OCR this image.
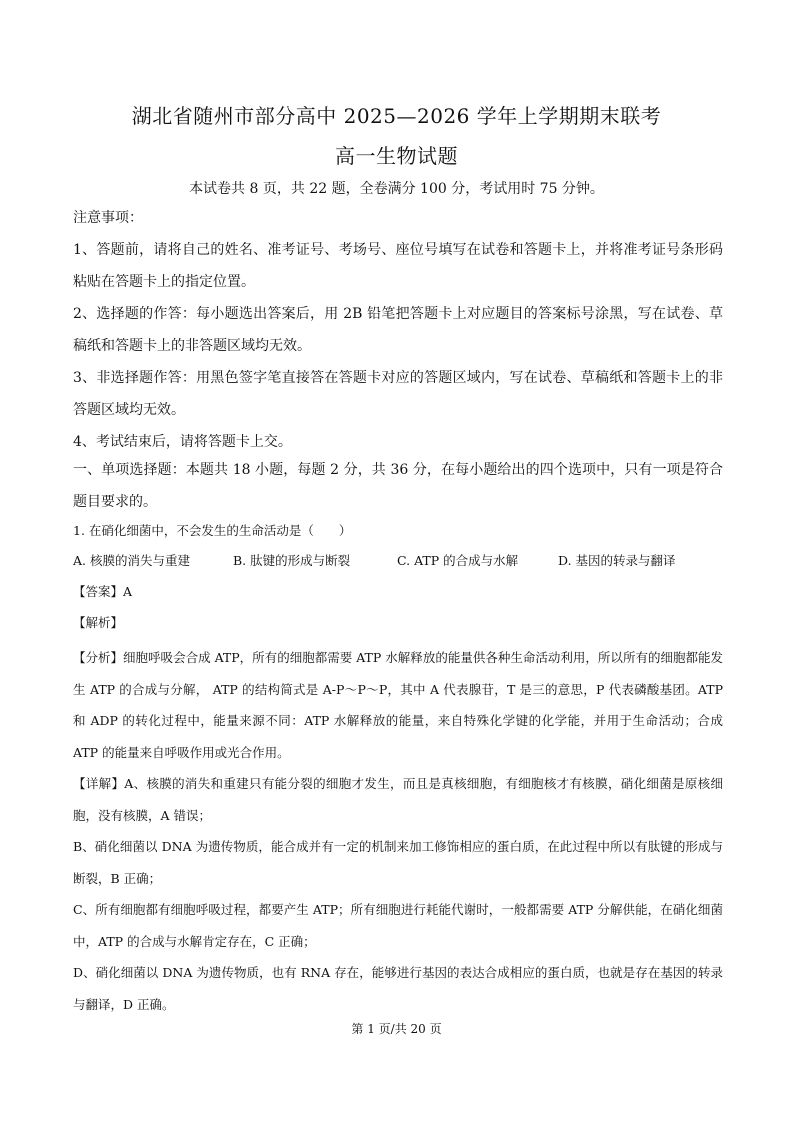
湖北省随州市部分高中 2025—2026 学年上学期期末联考
高一生物试题
本试卷共 8 页，共 22 题，全卷满分 100 分，考试用时 75 分钟。
注意事项：
1、答题前，请将自己的姓名、准考证号、考场号、座位号填写在试卷和答题卡上，并将准考证号条形码粘贴在答题卡上的指定位置。
2、选择题的作答：每小题选出答案后，用 2B 铅笔把答题卡上对应题目的答案标号涂黑，写在试卷、草稿纸和答题卡上的非答题区域均无效。
3、非选择题作答：用黑色签字笔直接答在答题卡对应的答题区域内，写在试卷、草稿纸和答题卡上的非答题区域均无效。
4、考试结束后，请将答题卡上交。
一、单项选择题：本题共 18 小题，每题 2 分，共 36 分，在每小题给出的四个选项中，只有一项是符合题目要求的。
1. 在硝化细菌中，不会发生的生命活动是（　　）
A. 核膜的消失与重建	B. 肽键的形成与断裂	C. ATP 的合成与水解	D. 基因的转录与翻译
【答案】A
【解析】
【分析】细胞呼吸会合成 ATP，所有的细胞都需要 ATP 水解释放的能量供各种生命活动利用，所以所有的细胞都能发生 ATP 的合成与分解， ATP 的结构简式是 A-P～P～P，其中 A 代表腺苷，T 是三的意思，P 代表磷酸基团。ATP 和 ADP 的转化过程中，能量来源不同：ATP 水解释放的能量，来自特殊化学键的化学能，并用于生命活动；合成 ATP 的能量来自呼吸作用或光合作用。
【详解】A、核膜的消失和重建只有能分裂的细胞才发生，而且是真核细胞，有细胞核才有核膜，硝化细菌是原核细胞，没有核膜，A 错误；
B、硝化细菌以 DNA 为遗传物质，能合成并有一定的机制来加工修饰相应的蛋白质，在此过程中所以有肽键的形成与断裂，B 正确；
C、所有细胞都有细胞呼吸过程，都要产生 ATP；所有细胞进行耗能代谢时，一般都需要 ATP 分解供能，在硝化细菌中，ATP 的合成与水解肯定存在，C 正确；
D、硝化细菌以 DNA 为遗传物质，也有 RNA 存在，能够进行基因的表达合成相应的蛋白质，也就是存在基因的转录与翻译，D 正确。
第 1 页/共 20 页
